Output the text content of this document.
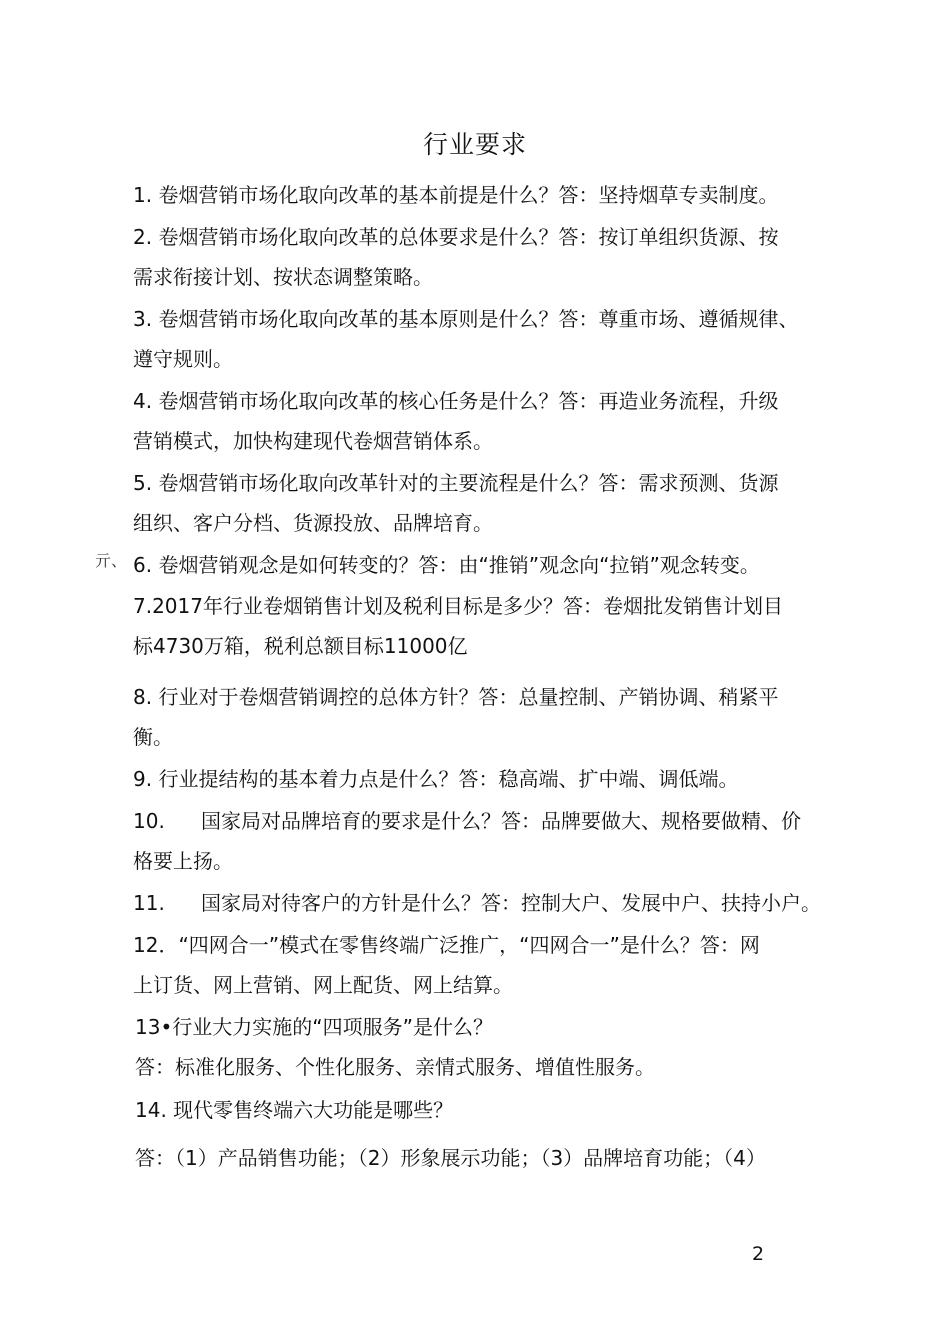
行业要求
亓、
1. 卷烟营销市场化取向改革的基本前提是什么？答：坚持烟草专卖制度。
2. 卷烟营销市场化取向改革的总体要求是什么？答：按订单组织货源、按
需求衔接计划、按状态调整策略。
3. 卷烟营销市场化取向改革的基本原则是什么？答：尊重市场、遵循规律、
遵守规则。
4. 卷烟营销市场化取向改革的核心任务是什么？答：再造业务流程，升级
营销模式，加快构建现代卷烟营销体系。
5. 卷烟营销市场化取向改革针对的主要流程是什么？答：需求预测、货源
组织、客户分档、货源投放、品牌培育。
6. 卷烟营销观念是如何转变的？答：由“推销”观念向“拉销”观念转变。
7.2017年行业卷烟销售计划及税利目标是多少？答：卷烟批发销售计划目
标4730万箱，税利总额目标11000亿
8. 行业对于卷烟营销调控的总体方针？答：总量控制、产销协调、稍紧平
衡。
9. 行业提结构的基本着力点是什么？答：稳高端、扩中端、调低端。
10. 国家局对品牌培育的要求是什么？答：品牌要做大、规格要做精、价
格要上扬。
11. 国家局对待客户的方针是什么？答：控制大户、发展中户、扶持小户。
12．“四网合一”模式在零售终端广泛推广，“四网合一”是什么？答：网
上订货、网上营销、网上配货、网上结算。
13•行业大力实施的“四项服务”是什么？
答：标准化服务、个性化服务、亲情式服务、增值性服务。
14. 现代零售终端六大功能是哪些？
答：（1）产品销售功能；（2）形象展示功能；（3）品牌培育功能；（4）
2
